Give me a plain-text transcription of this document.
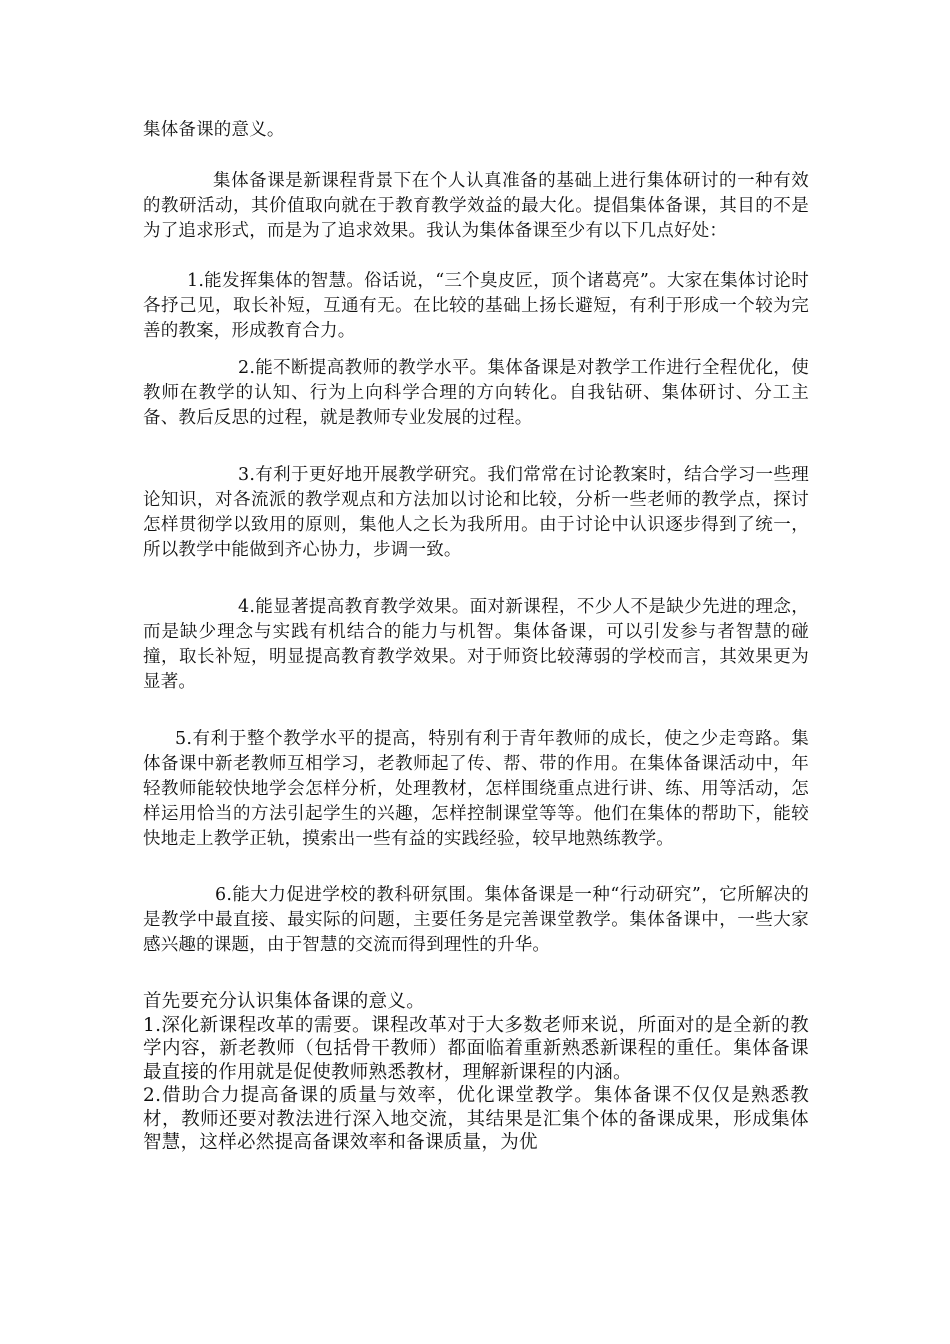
集体备课的意义。

集体备课是新课程背景下在个人认真准备的基础上进行集体研讨的一种有效的教研活动，其价值取向就在于教育教学效益的最大化。提倡集体备课，其目的不是为了追求形式，而是为了追求效果。我认为集体备课至少有以下几点好处：

1.能发挥集体的智慧。俗话说，“三个臭皮匠，顶个诸葛亮”。大家在集体讨论时各抒己见，取长补短，互通有无。在比较的基础上扬长避短，有利于形成一个较为完善的教案，形成教育合力。

2.能不断提高教师的教学水平。集体备课是对教学工作进行全程优化，使教师在教学的认知、行为上向科学合理的方向转化。自我钻研、集体研讨、分工主备、教后反思的过程，就是教师专业发展的过程。

3.有利于更好地开展教学研究。我们常常在讨论教案时，结合学习一些理论知识，对各流派的教学观点和方法加以讨论和比较，分析一些老师的教学点，探讨怎样贯彻学以致用的原则，集他人之长为我所用。由于讨论中认识逐步得到了统一，所以教学中能做到齐心协力，步调一致。

4.能显著提高教育教学效果。面对新课程，不少人不是缺少先进的理念，而是缺少理念与实践有机结合的能力与机智。集体备课，可以引发参与者智慧的碰撞，取长补短，明显提高教育教学效果。对于师资比较薄弱的学校而言，其效果更为显著。

5.有利于整个教学水平的提高，特别有利于青年教师的成长，使之少走弯路。集体备课中新老教师互相学习，老教师起了传、帮、带的作用。在集体备课活动中，年轻教师能较快地学会怎样分析，处理教材，怎样围绕重点进行讲、练、用等活动，怎样运用恰当的方法引起学生的兴趣，怎样控制课堂等等。他们在集体的帮助下，能较快地走上教学正轨，摸索出一些有益的实践经验，较早地熟练教学。

6.能大力促进学校的教科研氛围。集体备课是一种“行动研究”，它所解决的是教学中最直接、最实际的问题，主要任务是完善课堂教学。集体备课中，一些大家感兴趣的课题，由于智慧的交流而得到理性的升华。

首先要充分认识集体备课的意义。

1.深化新课程改革的需要。课程改革对于大多数老师来说，所面对的是全新的教学内容，新老教师（包括骨干教师）都面临着重新熟悉新课程的重任。集体备课最直接的作用就是促使教师熟悉教材，理解新课程的内涵。

2.借助合力提高备课的质量与效率，优化课堂教学。集体备课不仅仅是熟悉教材，教师还要对教法进行深入地交流，其结果是汇集个体的备课成果，形成集体智慧，这样必然提高备课效率和备课质量，为优
